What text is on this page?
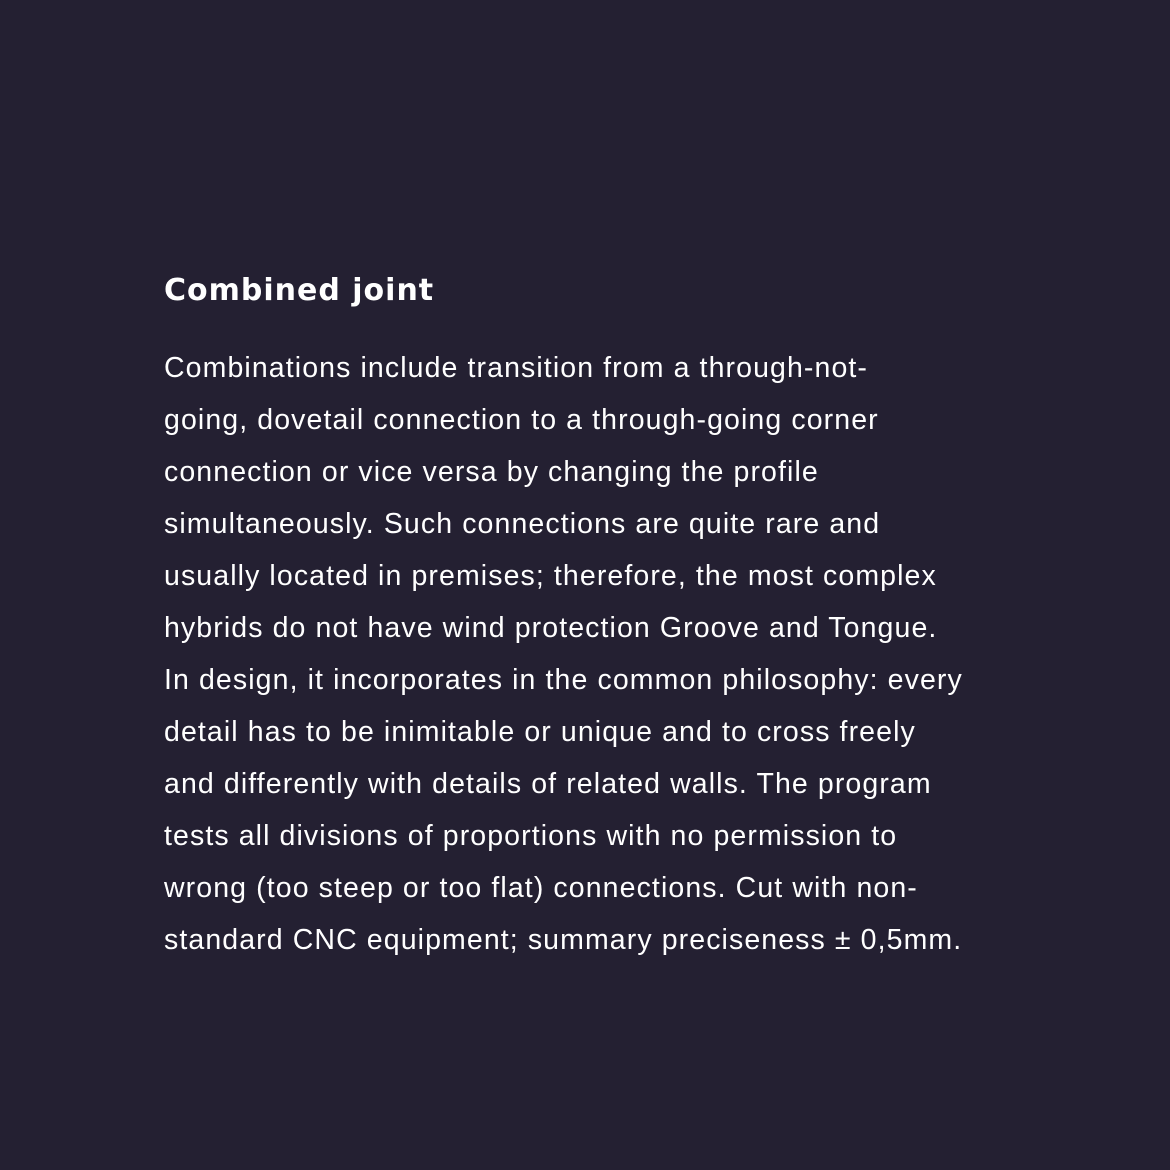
Combined joint
Combinations include transition from a through-not-
going, dovetail connection to a through-going corner
connection or vice versa by changing the profile
simultaneously. Such connections are quite rare and
usually located in premises; therefore, the most complex
hybrids do not have wind protection Groove and Tongue.
In design, it incorporates in the common philosophy: every
detail has to be inimitable or unique and to cross freely
and differently with details of related walls. The program
tests all divisions of proportions with no permission to
wrong (too steep or too flat) connections. Cut with non-
standard CNC equipment; summary preciseness ± 0,5mm.
